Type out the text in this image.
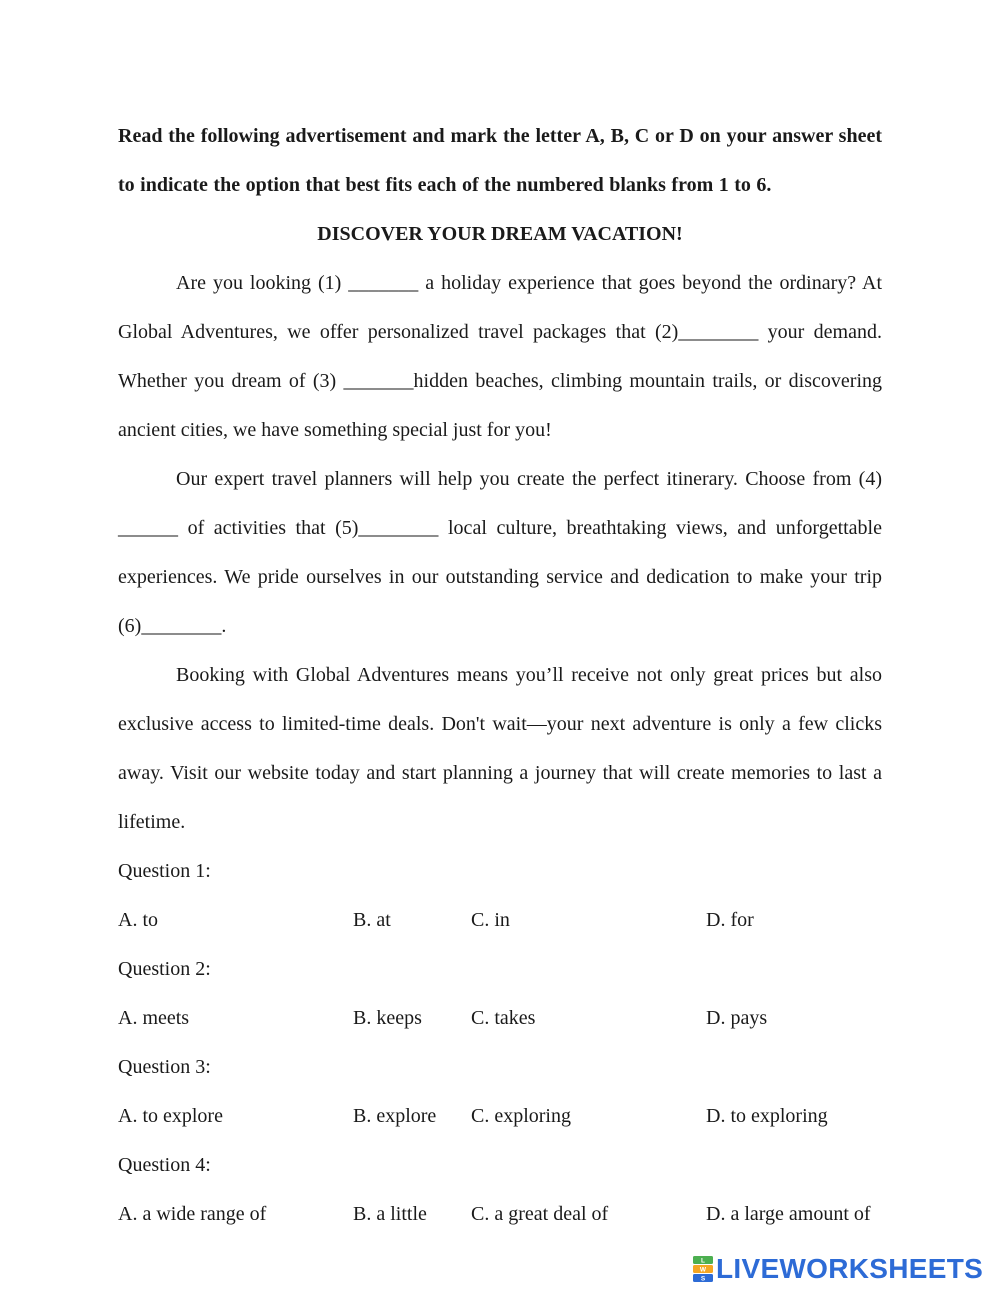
Read the following advertisement and mark the letter A, B, C or D on your answer sheet to indicate the option that best fits each of the numbered blanks from 1 to 6.

DISCOVER YOUR DREAM VACATION!

Are you looking (1) _______ a holiday experience that goes beyond the ordinary? At Global Adventures, we offer personalized travel packages that (2)________ your demand. Whether you dream of (3) _______hidden beaches, climbing mountain trails, or discovering ancient cities, we have something special just for you!

Our expert travel planners will help you create the perfect itinerary. Choose from (4) ______ of activities that (5)________ local culture, breathtaking views, and unforgettable experiences. We pride ourselves in our outstanding service and dedication to make your trip (6)________.

Booking with Global Adventures means you’ll receive not only great prices but also exclusive access to limited-time deals. Don't wait—your next adventure is only a few clicks away. Visit our website today and start planning a journey that will create memories to last a lifetime.

Question 1:

A. to	B. at	C. in	D. for

Question 2:

A. meets	B. keeps C. takes	D. pays

Question 3:

A. to explore	B. explore C. exploring	D. to exploring

Question 4:

A. a wide range of	B. a little C. a great deal of	D. a large amount of
L
W
S LIVEWORKSHEETS
